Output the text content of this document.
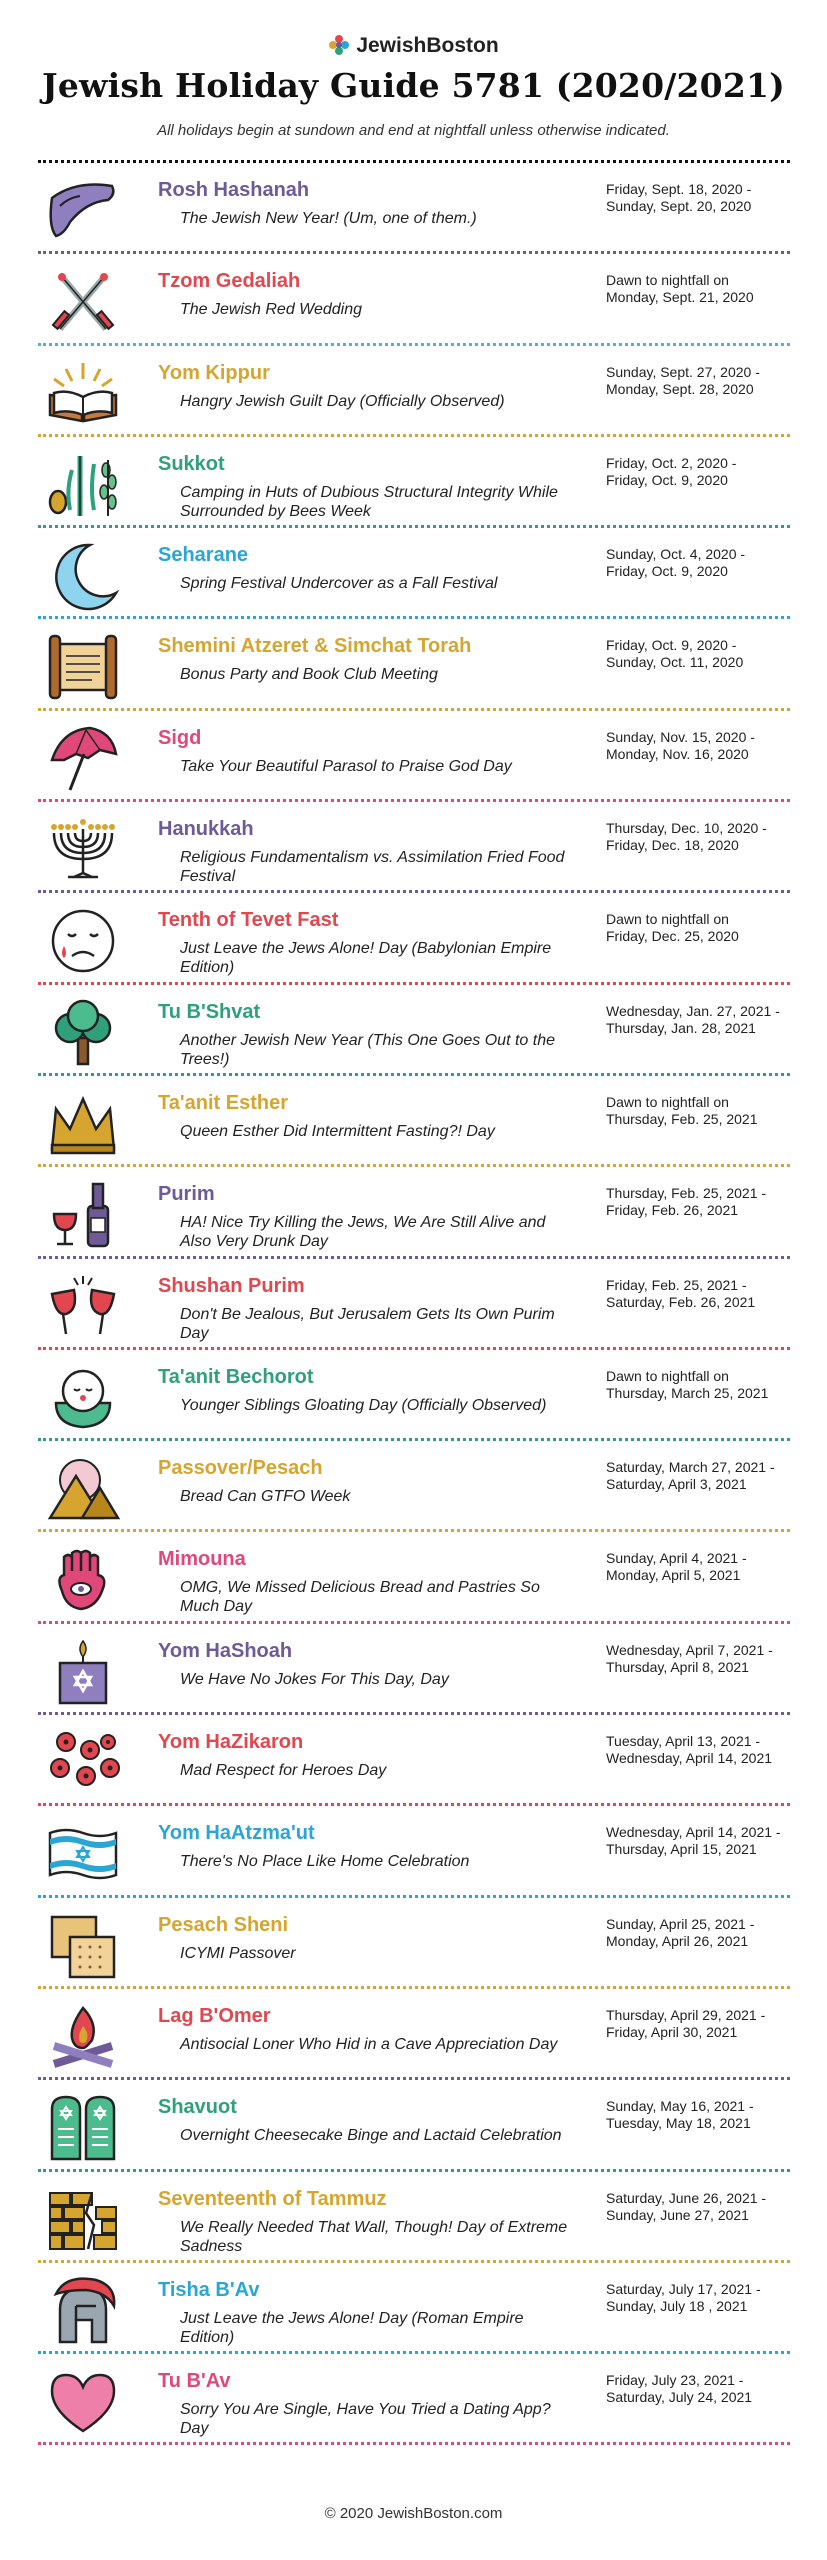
JewishBoston
Jewish Holiday Guide 5781 (2020/2021)
All holidays begin at sundown and end at nightfall unless otherwise indicated.
Rosh Hashanah
The Jewish New Year! (Um, one of them.)
Friday, Sept. 18, 2020 -
Sunday, Sept. 20, 2020
Tzom Gedaliah
The Jewish Red Wedding
Dawn to nightfall on
Monday, Sept. 21, 2020
Yom Kippur
Hangry Jewish Guilt Day (Officially Observed)
Sunday, Sept. 27, 2020 -
Monday, Sept. 28, 2020
Sukkot
Camping in Huts of Dubious Structural Integrity While Surrounded by Bees Week
Friday, Oct. 2, 2020 -
Friday, Oct. 9, 2020
Seharane
Spring Festival Undercover as a Fall Festival
Sunday, Oct. 4, 2020 -
Friday, Oct. 9, 2020
Shemini Atzeret & Simchat Torah
Bonus Party and Book Club Meeting
Friday, Oct. 9, 2020 -
Sunday, Oct. 11, 2020
Sigd
Take Your Beautiful Parasol to Praise God Day
Sunday, Nov. 15, 2020 -
Monday, Nov. 16, 2020
Hanukkah
Religious Fundamentalism vs. Assimilation Fried Food Festival
Thursday, Dec. 10, 2020 -
Friday, Dec. 18, 2020
Tenth of Tevet Fast
Just Leave the Jews Alone! Day (Babylonian Empire Edition)
Dawn to nightfall on
Friday, Dec. 25, 2020
Tu B'Shvat
Another Jewish New Year (This One Goes Out to the Trees!)
Wednesday, Jan. 27, 2021 -
Thursday, Jan. 28, 2021
Ta'anit Esther
Queen Esther Did Intermittent Fasting?! Day
Dawn to nightfall on
Thursday, Feb. 25, 2021
Purim
HA! Nice Try Killing the Jews, We Are Still Alive and Also Very Drunk Day
Thursday, Feb. 25, 2021 -
Friday, Feb. 26, 2021
Shushan Purim
Don't Be Jealous, But Jerusalem Gets Its Own Purim Day
Friday, Feb. 25, 2021 -
Saturday, Feb. 26, 2021
Ta'anit Bechorot
Younger Siblings Gloating Day (Officially Observed)
Dawn to nightfall on
Thursday, March 25, 2021
Passover/Pesach
Bread Can GTFO Week
Saturday, March 27, 2021 -
Saturday, April 3, 2021
Mimouna
OMG, We Missed Delicious Bread and Pastries So Much Day
Sunday, April 4, 2021 -
Monday, April 5, 2021
Yom HaShoah
We Have No Jokes For This Day, Day
Wednesday, April 7, 2021 -
Thursday, April 8, 2021
Yom HaZikaron
Mad Respect for Heroes Day
Tuesday, April 13, 2021 -
Wednesday, April 14, 2021
Yom HaAtzma'ut
There's No Place Like Home Celebration
Wednesday, April 14, 2021 -
Thursday, April 15, 2021
Pesach Sheni
ICYMI Passover
Sunday, April 25, 2021 -
Monday, April 26, 2021
Lag B'Omer
Antisocial Loner Who Hid in a Cave Appreciation Day
Thursday, April 29, 2021 -
Friday, April 30, 2021
Shavuot
Overnight Cheesecake Binge and Lactaid Celebration
Sunday, May 16, 2021 -
Tuesday, May 18, 2021
Seventeenth of Tammuz
We Really Needed That Wall, Though! Day of Extreme Sadness
Saturday, June 26, 2021 -
Sunday, June 27, 2021
Tisha B'Av
Just Leave the Jews Alone! Day (Roman Empire Edition)
Saturday, July 17, 2021 -
Sunday, July 18 , 2021
Tu B'Av
Sorry You Are Single, Have You Tried a Dating App? Day
Friday, July 23, 2021 -
Saturday, July 24, 2021
© 2020 JewishBoston.com
